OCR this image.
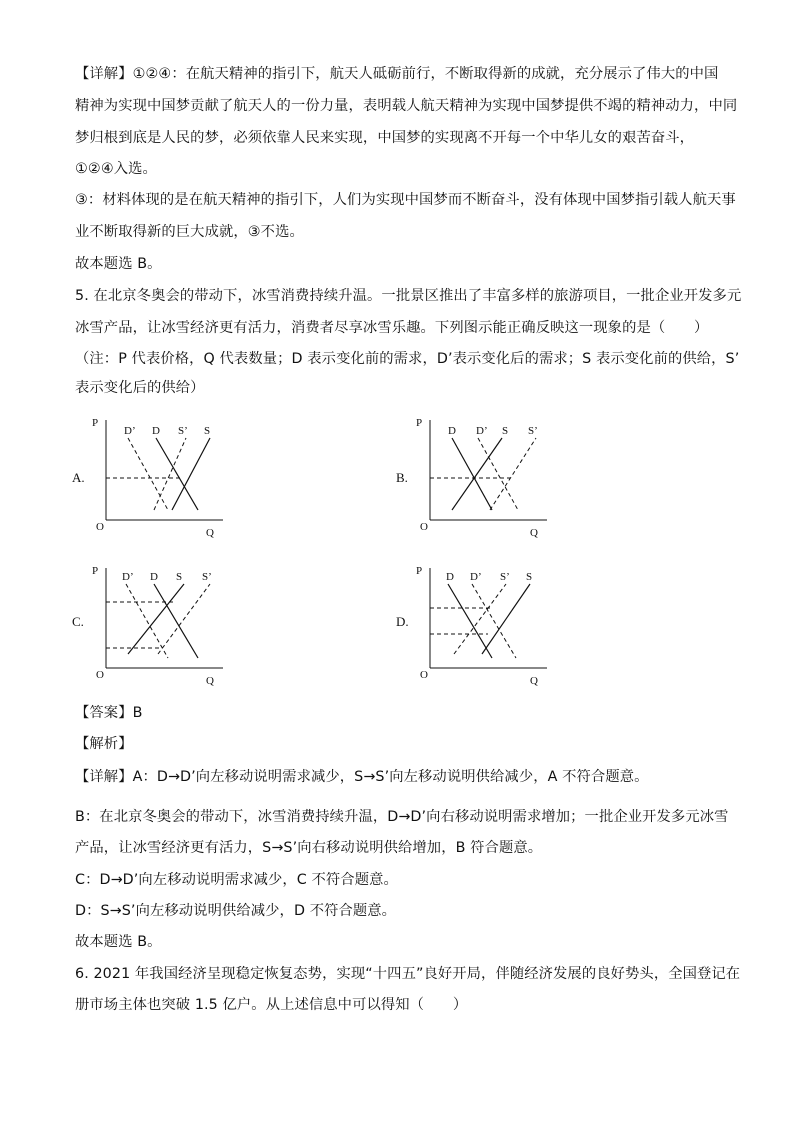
【详解】①②④：在航天精神的指引下，航天人砥砺前行，不断取得新的成就，充分展示了伟大的中国
精神为实现中国梦贡献了航天人的一份力量，表明载人航天精神为实现中国梦提供不竭的精神动力，中同
梦归根到底是人民的梦，必须依靠人民来实现，中国梦的实现离不开每一个中华儿女的艰苦奋斗，
①②④入选。
③：材料体现的是在航天精神的指引下，人们为实现中国梦而不断奋斗，没有体现中国梦指引载人航天事
业不断取得新的巨大成就，③不选。
故本题选 B。
5. 在北京冬奥会的带动下，冰雪消费持续升温。一批景区推出了丰富多样的旅游项目，一批企业开发多元
冰雪产品，让冰雪经济更有活力，消费者尽享冰雪乐趣。下列图示能正确反映这一现象的是（　　）
（注：P 代表价格，Q 代表数量；D 表示变化前的需求，D’表示变化后的需求；S 表示变化前的供给，S’
表示变化后的供给）
A.	B.
C.	D.
P
O	Q
D’ D S’ S
P
O	Q
D D’ S S’
P
O	Q
D’ D S S’	P
O	Q
D D’ S’ S
【答案】B
【解析】
【详解】A：D→D’向左移动说明需求减少，S→S’向左移动说明供给减少，A 不符合题意。
B：在北京冬奥会的带动下，冰雪消费持续升温，D→D’向右移动说明需求增加；一批企业开发多元冰雪
产品，让冰雪经济更有活力，S→S’向右移动说明供给增加，B 符合题意。
C：D→D’向左移动说明需求减少，C 不符合题意。
D：S→S’向左移动说明供给减少，D 不符合题意。
故本题选 B。
6. 2021 年我国经济呈现稳定恢复态势，实现“十四五”良好开局，伴随经济发展的良好势头，全国登记在
册市场主体也突破 1.5 亿户。从上述信息中可以得知（　　）
